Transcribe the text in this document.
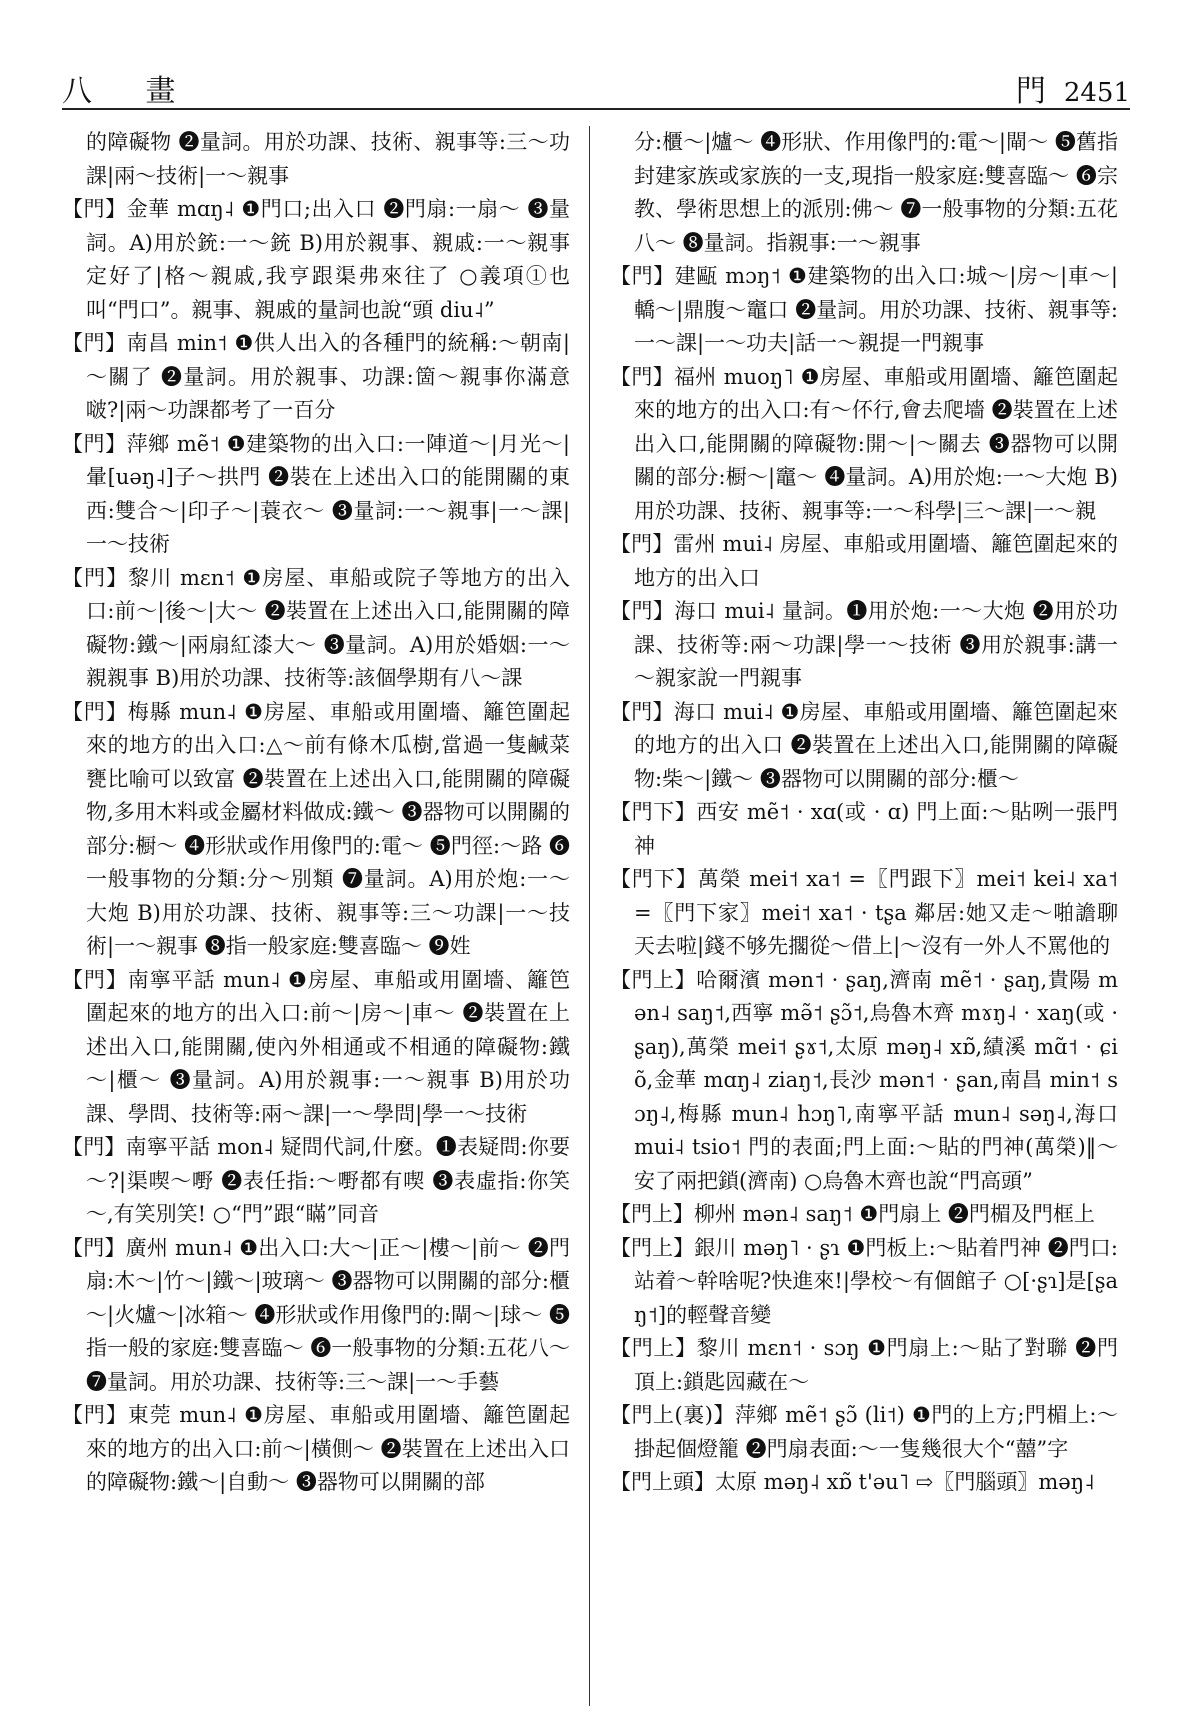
八 畫	門 2451

的障礙物 ❷量詞。用於功課、技術、親事等:三～功課|兩～技術|一～親事

【門】金華 mɑŋ˨ ❶門口;出入口 ❷門扇:一扇～ ❸量詞。A)用於銃:一～銃 B)用於親事、親戚:一～親事定好了|格～親戚,我亨跟渠弗來往了 ○義項①也叫“門口”。親事、親戚的量詞也說“頭 diu˨”

【門】南昌 min˦ ❶供人出入的各種門的統稱:～朝南|～關了 ❷量詞。用於親事、功課:箇～親事你滿意啵?|兩～功課都考了一百分

【門】萍鄉 mẽ˦ ❶建築物的出入口:一陣道～|月光～|暈[uəŋ˨]子～拱門 ❷裝在上述出入口的能開關的東西:雙合～|印子～|蓑衣～ ❸量詞:一～親事|一～課|一～技術

【門】黎川 mɛn˦ ❶房屋、車船或院子等地方的出入口:前～|後～|大～ ❷裝置在上述出入口,能開關的障礙物:鐵～|兩扇紅漆大～ ❸量詞。A)用於婚姻:一～親親事 B)用於功課、技術等:該個學期有八～課

【門】梅縣 mun˨ ❶房屋、車船或用圍墻、籬笆圍起來的地方的出入口:△～前有條木瓜樹,當過一隻鹹菜甕比喻可以致富 ❷裝置在上述出入口,能開關的障礙物,多用木料或金屬材料做成:鐵～ ❸器物可以開關的部分:橱～ ❹形狀或作用像門的:電～ ❺門徑:～路 ❻一般事物的分類:分～別類 ❼量詞。A)用於炮:一～大炮 B)用於功課、技術、親事等:三～功課|一～技術|一～親事 ❽指一般家庭:雙喜臨～ ❾姓

【門】南寧平話 mun˨ ❶房屋、車船或用圍墻、籬笆圍起來的地方的出入口:前～|房～|車～ ❷裝置在上述出入口,能開關,使內外相通或不相通的障礙物:鐵～|櫃～ ❸量詞。A)用於親事:一～親事 B)用於功課、學問、技術等:兩～課|一～學問|學一～技術

【門】南寧平話 mon˨ 疑問代詞,什麼。❶表疑問:你要～?|渠喫～嘢 ❷表任指:～嘢都有喫 ❸表虛指:你笑～,有笑別笑! ○“門”跟“瞞”同音

【門】廣州 mun˨ ❶出入口:大～|正～|樓～|前～ ❷門扇:木～|竹～|鐵～|玻璃～ ❸器物可以開關的部分:櫃～|火爐～|冰箱～ ❹形狀或作用像門的:閘～|球～ ❺指一般的家庭:雙喜臨～ ❻一般事物的分類:五花八～ ❼量詞。用於功課、技術等:三～課|一～手藝

【門】東莞 mun˨ ❶房屋、車船或用圍墻、籬笆圍起來的地方的出入口:前～|橫側～ ❷裝置在上述出入口的障礙物:鐵～|自動～ ❸器物可以開關的部

分:櫃～|爐～ ❹形狀、作用像門的:電～|閘～ ❺舊指封建家族或家族的一支,現指一般家庭:雙喜臨～ ❻宗教、學術思想上的派別:佛～ ❼一般事物的分類:五花八～ ❽量詞。指親事:一～親事

【門】建甌 mɔŋ˦ ❶建築物的出入口:城～|房～|車～|轎～|鼎腹～竈口 ❷量詞。用於功課、技術、親事等:一～課|一～功夫|話一～親提一門親事

【門】福州 muoŋ˥ ❶房屋、車船或用圍墻、籬笆圍起來的地方的出入口:有～伓行,會去爬墻 ❷裝置在上述出入口,能開關的障礙物:開～|～關去 ❸器物可以開關的部分:橱～|竈～ ❹量詞。A)用於炮:一～大炮 B)用於功課、技術、親事等:一～科學|三～課|一～親

【門】雷州 mui˨ 房屋、車船或用圍墻、籬笆圍起來的地方的出入口

【門】海口 mui˨ 量詞。❶用於炮:一～大炮 ❷用於功課、技術等:兩～功課|學一～技術 ❸用於親事:講一～親家說一門親事

【門】海口 mui˨ ❶房屋、車船或用圍墻、籬笆圍起來的地方的出入口 ❷裝置在上述出入口,能開關的障礙物:柴～|鐵～ ❸器物可以開關的部分:櫃～

【門下】西安 mẽ˦ · xɑ(或 · ɑ) 門上面:～貼咧一張門神

【門下】萬榮 mei˦ xa˦ =〖門跟下〗mei˦ kei˨ xa˦ =〖門下家〗mei˦ xa˦ · tʂa 鄰居:她又走～啪譫聊天去啦|錢不够先擱從～借上|～沒有一外人不罵他的

【門上】哈爾濱 mən˦ · ʂaŋ,濟南 mẽ˦ · ʂaŋ,貴陽 mən˨ saŋ˦,西寧 mə̃˦ ʂɔ̃˦,烏魯木齊 mɤŋ˨ · xaŋ(或 · ʂaŋ),萬榮 mei˦ ʂɤ˦,太原 məŋ˨ xɒ̃,績溪 mɑ̃˦ · ɕi õ,金華 mɑŋ˨ ziaŋ˦,長沙 mən˦ · ʂan,南昌 min˦ sɔŋ˨,梅縣 mun˨ hɔŋ˥,南寧平話 mun˨ səŋ˨,海口 mui˨ tsio˦ 門的表面;門上面:～貼的門神(萬榮)‖～安了兩把鎖(濟南) ○烏魯木齊也說“門高頭”

【門上】柳州 mən˨ saŋ˦ ❶門扇上 ❷門楣及門框上

【門上】銀川 məŋ˥ · ʂɿ ❶門板上:～貼着門神 ❷門口:站着～幹啥呢?快進來!|學校～有個館子 ○[·ʂɿ]是[ʂaŋ˦]的輕聲音變

【門上】黎川 mɛn˦ · sɔŋ ❶門扇上:～貼了對聯 ❷門頂上:鎖匙囥藏在～

【門上(裏)】萍鄉 mẽ˦ ʂɔ̃ (li˦) ❶門的上方;門楣上:～掛起個燈籠 ❷門扇表面:～一隻幾很大个“囍”字

【門上頭】太原 məŋ˨ xɒ̃ t'əu˥ ⇨〖門腦頭〗məŋ˨
